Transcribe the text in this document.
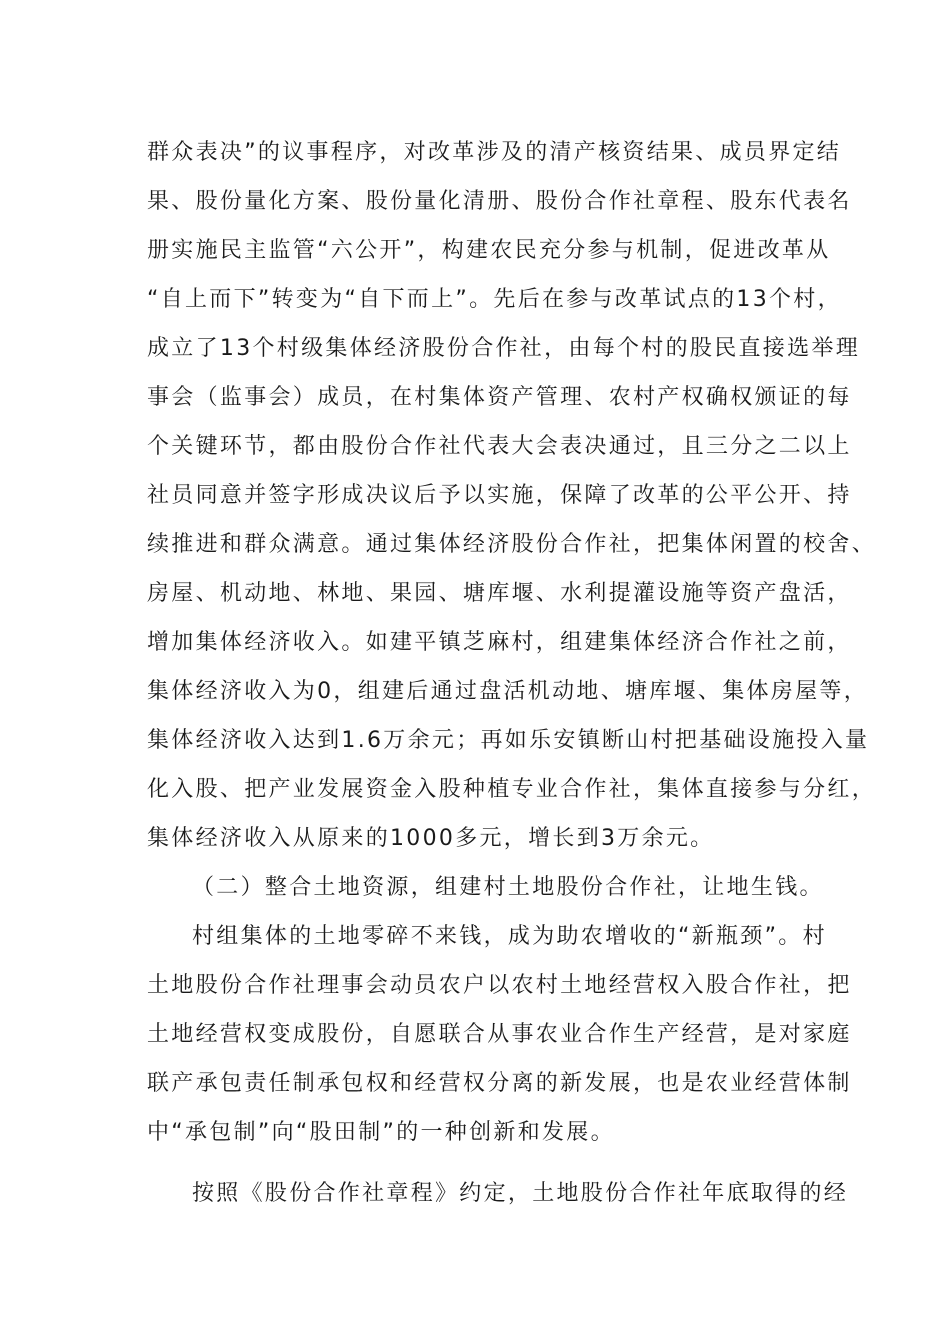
群众表决”的议事程序，对改革涉及的清产核资结果、成员界定结
果、股份量化方案、股份量化清册、股份合作社章程、股东代表名
册实施民主监管“六公开”，构建农民充分参与机制，促进改革从
“自上而下”转变为“自下而上”。先后在参与改革试点的13个村，
成立了13个村级集体经济股份合作社，由每个村的股民直接选举理
事会（监事会）成员，在村集体资产管理、农村产权确权颁证的每
个关键环节，都由股份合作社代表大会表决通过，且三分之二以上
社员同意并签字形成决议后予以实施，保障了改革的公平公开、持
续推进和群众满意。通过集体经济股份合作社，把集体闲置的校舍、
房屋、机动地、林地、果园、塘库堰、水利提灌设施等资产盘活，
增加集体经济收入。如建平镇芝麻村，组建集体经济合作社之前，
集体经济收入为0，组建后通过盘活机动地、塘库堰、集体房屋等，
集体经济收入达到1.6万余元；再如乐安镇断山村把基础设施投入量
化入股、把产业发展资金入股种植专业合作社，集体直接参与分红，
集体经济收入从原来的1000多元，增长到3万余元。
（二）整合土地资源，组建村土地股份合作社，让地生钱。
村组集体的土地零碎不来钱，成为助农增收的“新瓶颈”。村
土地股份合作社理事会动员农户以农村土地经营权入股合作社，把
土地经营权变成股份，自愿联合从事农业合作生产经营，是对家庭
联产承包责任制承包权和经营权分离的新发展，也是农业经营体制
中“承包制”向“股田制”的一种创新和发展。
按照《股份合作社章程》约定，土地股份合作社年底取得的经
